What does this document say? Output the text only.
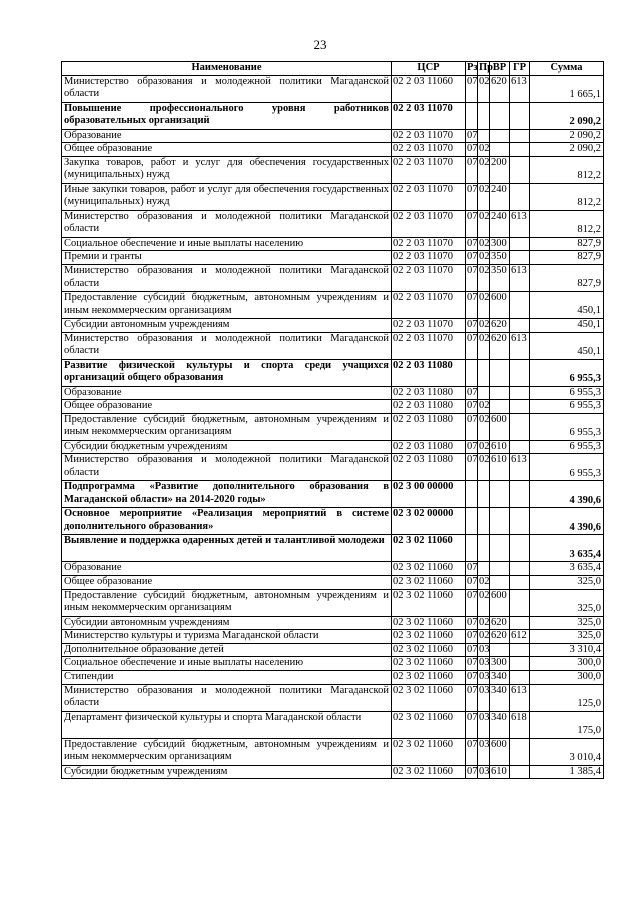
23
Наименование	ЦСР	Рз	Пр	ВР	ГР	Сумма
Министерство образования и молодежной политики Магаданской области	02 2 03 11060	07	02	620	613	1 665,1
Повышение профессионального уровня работников образовательных организаций	02 2 03 11070					2 090,2
Образование	02 2 03 11070	07				2 090,2
Общее образование	02 2 03 11070	07	02			2 090,2
Закупка товаров, работ и услуг для обеспечения государственных (муниципальных) нужд	02 2 03 11070	07	02	200		812,2
Иные закупки товаров, работ и услуг для обеспечения государственных (муниципальных) нужд	02 2 03 11070	07	02	240		812,2
Министерство образования и молодежной политики Магаданской области	02 2 03 11070	07	02	240	613	812,2
Социальное обеспечение и иные выплаты населению	02 2 03 11070	07	02	300		827,9
Премии и гранты	02 2 03 11070	07	02	350		827,9
Министерство образования и молодежной политики Магаданской области	02 2 03 11070	07	02	350	613	827,9
Предоставление субсидий бюджетным, автономным учреждениям и иным некоммерческим организациям	02 2 03 11070	07	02	600		450,1
Субсидии автономным учреждениям	02 2 03 11070	07	02	620		450,1
Министерство образования и молодежной политики Магаданской области	02 2 03 11070	07	02	620	613	450,1
Развитие физической культуры и спорта среди учащихся организаций общего образования	02 2 03 11080					6 955,3
Образование	02 2 03 11080	07				6 955,3
Общее образование	02 2 03 11080	07	02			6 955,3
Предоставление субсидий бюджетным, автономным учреждениям и иным некоммерческим организациям	02 2 03 11080	07	02	600		6 955,3
Субсидии бюджетным учреждениям	02 2 03 11080	07	02	610		6 955,3
Министерство образования и молодежной политики Магаданской области	02 2 03 11080	07	02	610	613	6 955,3
Подпрограмма «Развитие дополнительного образования в Магаданской области» на 2014-2020 годы»	02 3 00 00000					4 390,6
Основное мероприятие «Реализация мероприятий в системе дополнительного образования»	02 3 02 00000					4 390,6
Выявление и поддержка одаренных детей и талантливой молодежи	02 3 02 11060					3 635,4
Образование	02 3 02 11060	07				3 635,4
Общее образование	02 3 02 11060	07	02			325,0
Предоставление субсидий бюджетным, автономным учреждениям и иным некоммерческим организациям	02 3 02 11060	07	02	600		325,0
Субсидии автономным учреждениям	02 3 02 11060	07	02	620		325,0
Министерство культуры и туризма Магаданской области	02 3 02 11060	07	02	620	612	325,0
Дополнительное образование детей	02 3 02 11060	07	03			3 310,4
Социальное обеспечение и иные выплаты населению	02 3 02 11060	07	03	300		300,0
Стипендии	02 3 02 11060	07	03	340		300,0
Министерство образования и молодежной политики Магаданской области	02 3 02 11060	07	03	340	613	125,0
Департамент физической культуры и спорта Магаданской области	02 3 02 11060	07	03	340	618	175,0
Предоставление субсидий бюджетным, автономным учреждениям и иным некоммерческим организациям	02 3 02 11060	07	03	600		3 010,4
Субсидии бюджетным учреждениям	02 3 02 11060	07	03	610		1 385,4
